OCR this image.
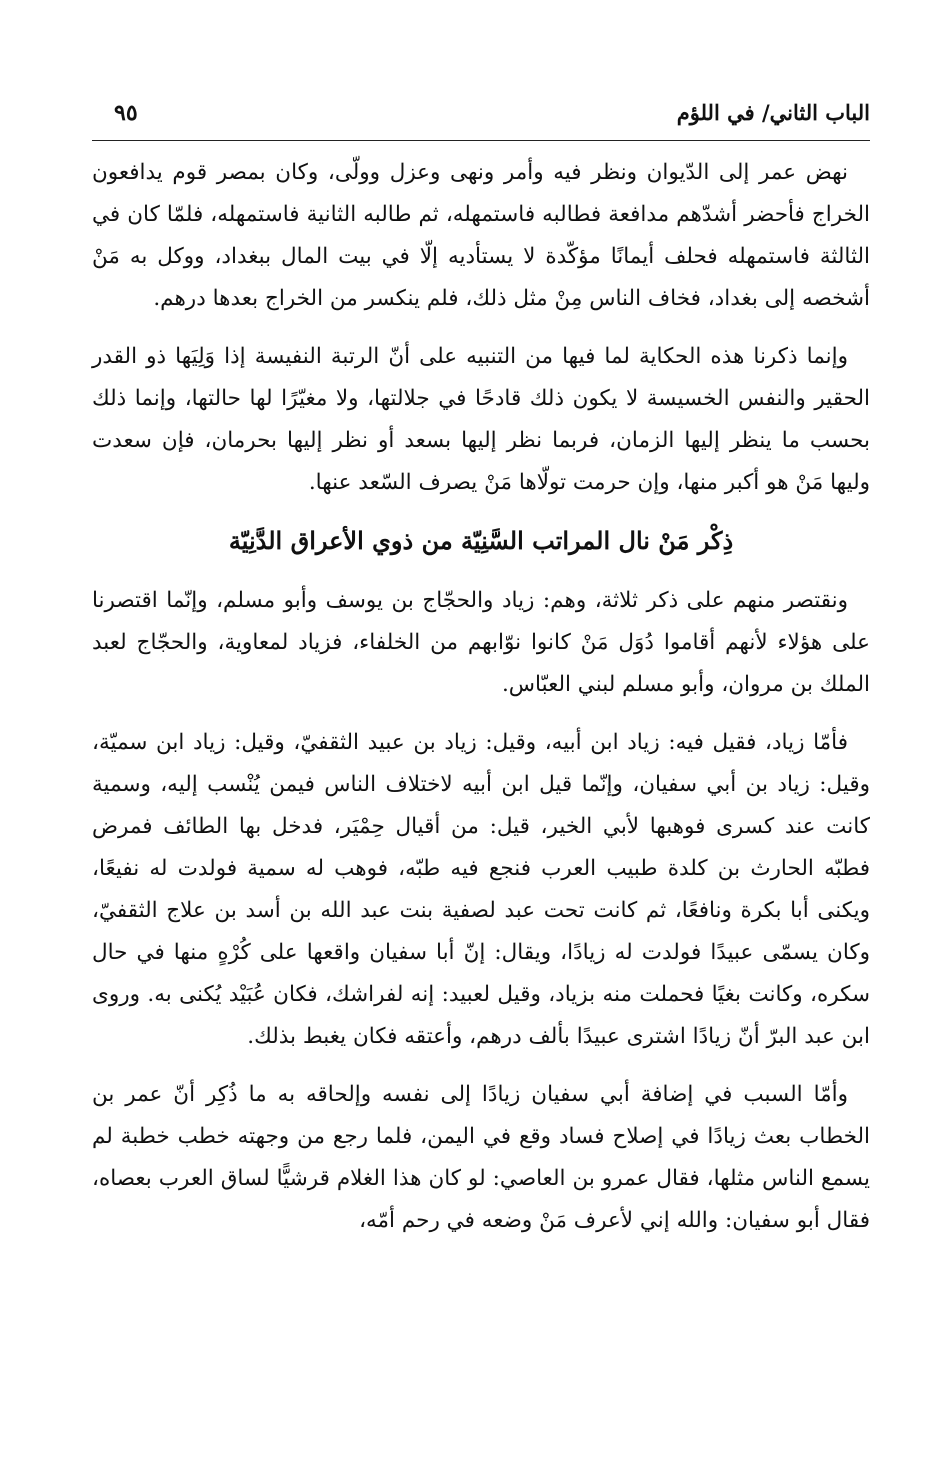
الباب الثاني/ في اللؤم
٩٥

نهض عمر إلى الدّيوان ونظر فيه وأمر ونهى وعزل وولّى، وكان بمصر قوم يدافعون الخراج فأحضر أشدّهم مدافعة فطالبه فاستمهله، ثم طالبه الثانية فاستمهله، فلمّا كان في الثالثة فاستمهله فحلف أيمانًا مؤكّدة لا يستأديه إلّا في بيت المال ببغداد، ووكل به مَنْ أشخصه إلى بغداد، فخاف الناس مِنْ مثل ذلك، فلم ينكسر من الخراج بعدها درهم.

وإنما ذكرنا هذه الحكاية لما فيها من التنبيه على أنّ الرتبة النفيسة إذا وَلِيَها ذو القدر الحقير والنفس الخسيسة لا يكون ذلك قادحًا في جلالتها، ولا مغيّرًا لها حالتها، وإنما ذلك بحسب ما ينظر إليها الزمان، فربما نظر إليها بسعد أو نظر إليها بحرمان، فإن سعدت وليها مَنْ هو أكبر منها، وإن حرمت تولّاها مَنْ يصرف السّعد عنها.

ذِكْر مَنْ نال المراتب السَّنِيّة من ذوي الأعراق الدَّنِيّة

ونقتصر منهم على ذكر ثلاثة، وهم: زياد والحجّاج بن يوسف وأبو مسلم، وإنّما اقتصرنا على هؤلاء لأنهم أقاموا دُوَل مَنْ كانوا نوّابهم من الخلفاء، فزياد لمعاوية، والحجّاج لعبد الملك بن مروان، وأبو مسلم لبني العبّاس.

فأمّا زياد، فقيل فيه: زياد ابن أبيه، وقيل: زياد بن عبيد الثقفيّ، وقيل: زياد ابن سميّة، وقيل: زياد بن أبي سفيان، وإنّما قيل ابن أبيه لاختلاف الناس فيمن يُنْسب إليه، وسمية كانت عند كسرى فوهبها لأبي الخير، قيل: من أقيال حِمْيَر، فدخل بها الطائف فمرض فطبّه الحارث بن كلدة طبيب العرب فنجع فيه طبّه، فوهب له سمية فولدت له نفيعًا، ويكنى أبا بكرة ونافعًا، ثم كانت تحت عبد لصفية بنت عبد الله بن أسد بن علاج الثقفيّ، وكان يسمّى عبيدًا فولدت له زيادًا، ويقال: إنّ أبا سفيان واقعها على كُرْهٍ منها في حال سكره، وكانت بغيًا فحملت منه بزياد، وقيل لعبيد: إنه لفراشك، فكان عُبَيْد يُكنى به. وروى ابن عبد البرّ أنّ زيادًا اشترى عبيدًا بألف درهم، وأعتقه فكان يغبط بذلك.

وأمّا السبب في إضافة أبي سفيان زيادًا إلى نفسه وإلحاقه به ما ذُكِر أنّ عمر بن الخطاب بعث زيادًا في إصلاح فساد وقع في اليمن، فلما رجع من وجهته خطب خطبة لم يسمع الناس مثلها، فقال عمرو بن العاصي: لو كان هذا الغلام قرشيًّا لساق العرب بعصاه، فقال أبو سفيان: والله إني لأعرف مَنْ وضعه في رحم أمّه،
